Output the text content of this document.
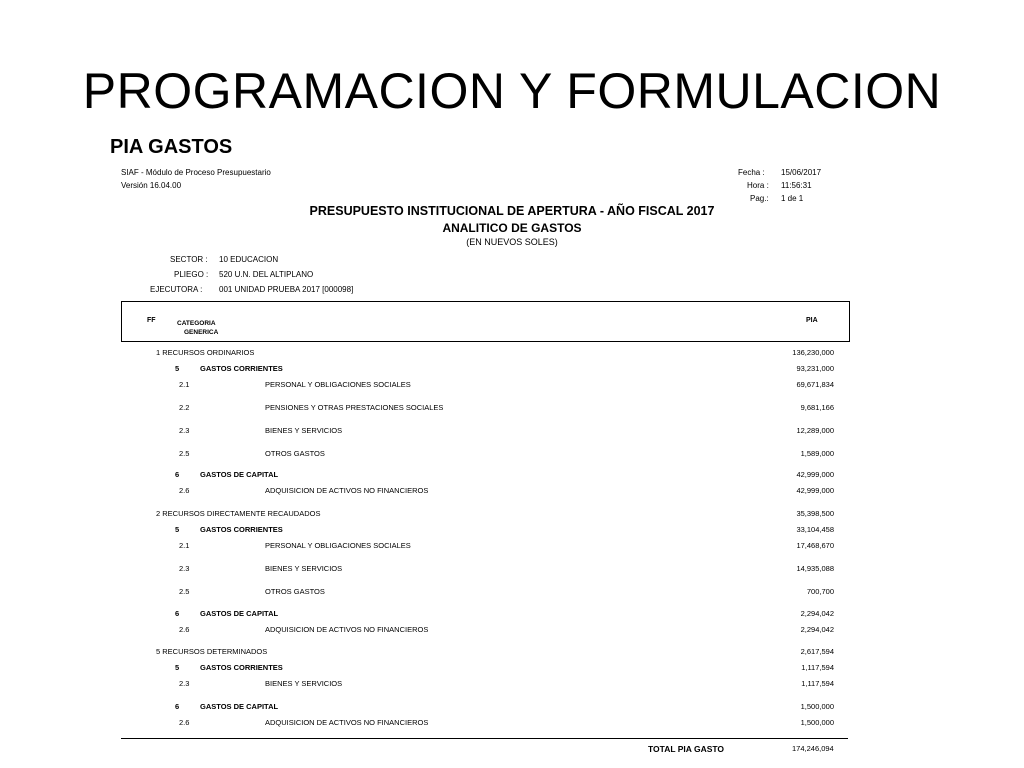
PROGRAMACION Y FORMULACION
PIA GASTOS
SIAF - Módulo de Proceso Presupuestario
Versión 16.04.00
Fecha : 15/06/2017
Hora : 11:56:31
Pag.: 1 de 1
PRESUPUESTO INSTITUCIONAL DE APERTURA - AÑO FISCAL 2017
ANALITICO DE GASTOS
(EN NUEVOS SOLES)
SECTOR : 10 EDUCACION
PLIEGO : 520 U.N. DEL ALTIPLANO
EJECUTORA : 001 UNIDAD PRUEBA 2017 [000098]
FF	CATEGORIA
GENERICA
PIA
1 RECURSOS ORDINARIOS	136,230,000
5	GASTOS CORRIENTES	93,231,000
2.1	PERSONAL Y OBLIGACIONES SOCIALES	69,671,834
2.2	PENSIONES Y OTRAS PRESTACIONES SOCIALES	9,681,166
2.3	BIENES Y SERVICIOS	12,289,000
2.5	OTROS GASTOS	1,589,000
6	GASTOS DE CAPITAL	42,999,000
2.6	ADQUISICION DE ACTIVOS NO FINANCIEROS	42,999,000
2 RECURSOS DIRECTAMENTE RECAUDADOS	35,398,500
5	GASTOS CORRIENTES	33,104,458
2.1	PERSONAL Y OBLIGACIONES SOCIALES	17,468,670
2.3	BIENES Y SERVICIOS	14,935,088
2.5	OTROS GASTOS	700,700
6	GASTOS DE CAPITAL	2,294,042
2.6	ADQUISICION DE ACTIVOS NO FINANCIEROS	2,294,042
5 RECURSOS DETERMINADOS	2,617,594
5	GASTOS CORRIENTES	1,117,594
2.3	BIENES Y SERVICIOS	1,117,594
6	GASTOS DE CAPITAL	1,500,000
2.6	ADQUISICION DE ACTIVOS NO FINANCIEROS	1,500,000
TOTAL PIA GASTO	174,246,094
